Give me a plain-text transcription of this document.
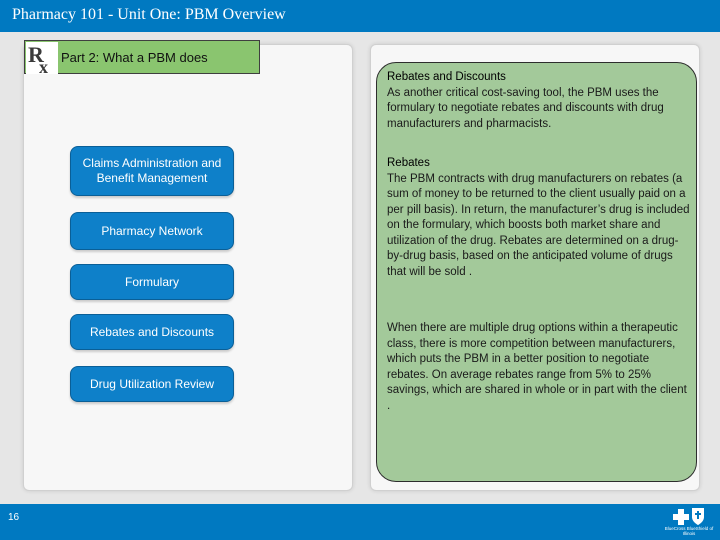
Pharmacy 101 - Unit One: PBM Overview
R
x Part 2: What a PBM does
Claims Administration and Benefit Management
Pharmacy Network
Formulary
Rebates and Discounts
Drug Utilization Review
Rebates and Discounts
As another critical cost-saving tool, the PBM uses the formulary to negotiate rebates and discounts with drug manufacturers and pharmacists.
Rebates
The PBM contracts with drug manufacturers on rebates (a sum of money to be returned to the client usually paid on a per pill basis). In return, the manufacturer’s drug is included on the formulary, which boosts both market share and utilization of the drug. Rebates are determined on a drug-by-drug basis, based on the anticipated volume of drugs that will be sold .
When there are multiple drug options within a therapeutic class, there is more competition between manufacturers, which puts the PBM in a better position to negotiate rebates. On average rebates range from 5% to 25% savings, which are shared in whole or in part with the client .
16
BlueCross BlueShield of Illinois
